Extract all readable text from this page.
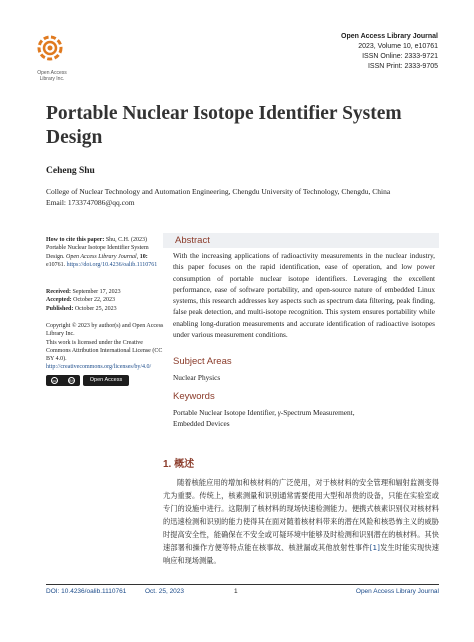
Open Access Library Inc.
Open Access Library Journal
2023, Volume 10, e10761
ISSN Online: 2333-9721
ISSN Print: 2333-9705
Portable Nuclear Isotope Identifier System Design
Ceheng Shu
College of Nuclear Technology and Automation Engineering, Chengdu University of Technology, Chengdu, China
Email: 1733747086@qq.com
How to cite this paper: Shu, C.H. (2023) Portable Nuclear Isotope Identifier System Design. Open Access Library Journal, 10: e10761. https://doi.org/10.4236/oalib.1110761
Received: September 17, 2023
Accepted: October 22, 2023
Published: October 25, 2023
Copyright © 2023 by author(s) and Open Access Library Inc.
This work is licensed under the Creative Commons Attribution International License (CC BY 4.0).
http://creativecommons.org/licenses/by/4.0/
cc	BY	Open Access
Abstract
With the increasing applications of radioactivity measurements in the nuclear industry, this paper focuses on the rapid identification, ease of operation, and low power consumption of portable nuclear isotope identifiers. Leveraging the excellent performance, ease of software portability, and open-source nature of embedded Linux systems, this research addresses key aspects such as spectrum data filtering, peak finding, false peak detection, and multi-isotope recognition. This system ensures portability while enabling long-duration measurements and accurate identification of radioactive isotopes under various measurement conditions.
Subject Areas
Nuclear Physics
Keywords
Portable Nuclear Isotope Identifier, γ-Spectrum Measurement,
Embedded Devices
1. 概述
随着核能应用的增加和核材料的广泛使用，对于核材料的安全管理和辐射监测变得尤为重要。传统上，核素测量和识别通常需要使用大型和昂贵的设备，只能在实验室或专门的设施中进行。这限制了核材料的现场快速检测能力。便携式核素识别仪对核材料的迅速检测和识别的能力使得其在面对随着核材料带来的潜在风险和核恐怖主义的威胁时提高安全性，能确保在不安全或可疑环境中能够及时检测和识别潜在的核材料。其快速部署和操作方便等特点能在核事故、核泄漏或其他放射性事件[1]发生时能实现快速响应和现场测量。
DOI: 10.4236/oalib.1110761	Oct. 25, 2023	1	Open Access Library Journal
